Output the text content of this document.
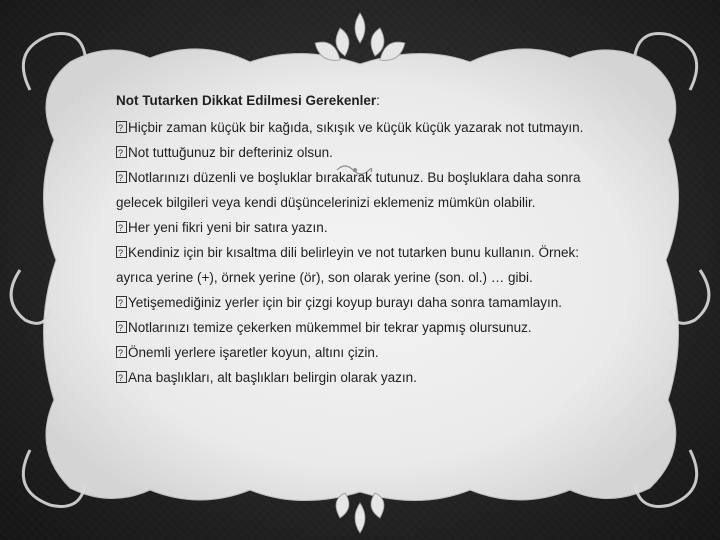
Not Tutarken Dikkat Edilmesi Gerekenler:

?Hiçbir zaman küçük bir kağıda, sıkışık ve küçük küçük yazarak not tutmayın.

?Not tuttuğunuz bir defteriniz olsun.

?Notlarınızı düzenli ve boşluklar bırakarak tutunuz. Bu boşluklara daha sonra gelecek bilgileri veya kendi düşüncelerinizi eklemeniz mümkün olabilir.

?Her yeni fikri yeni bir satıra yazın.

?Kendiniz için bir kısaltma dili belirleyin ve not tutarken bunu kullanın. Örnek: ayrıca yerine (+), örnek yerine (ör), son olarak yerine (son. ol.) … gibi.

?Yetişemediğiniz yerler için bir çizgi koyup burayı daha sonra tamamlayın.

?Notlarınızı temize çekerken mükemmel bir tekrar yapmış olursunuz.

?Önemli yerlere işaretler koyun, altını çizin.

?Ana başlıkları, alt başlıkları belirgin olarak yazın.
